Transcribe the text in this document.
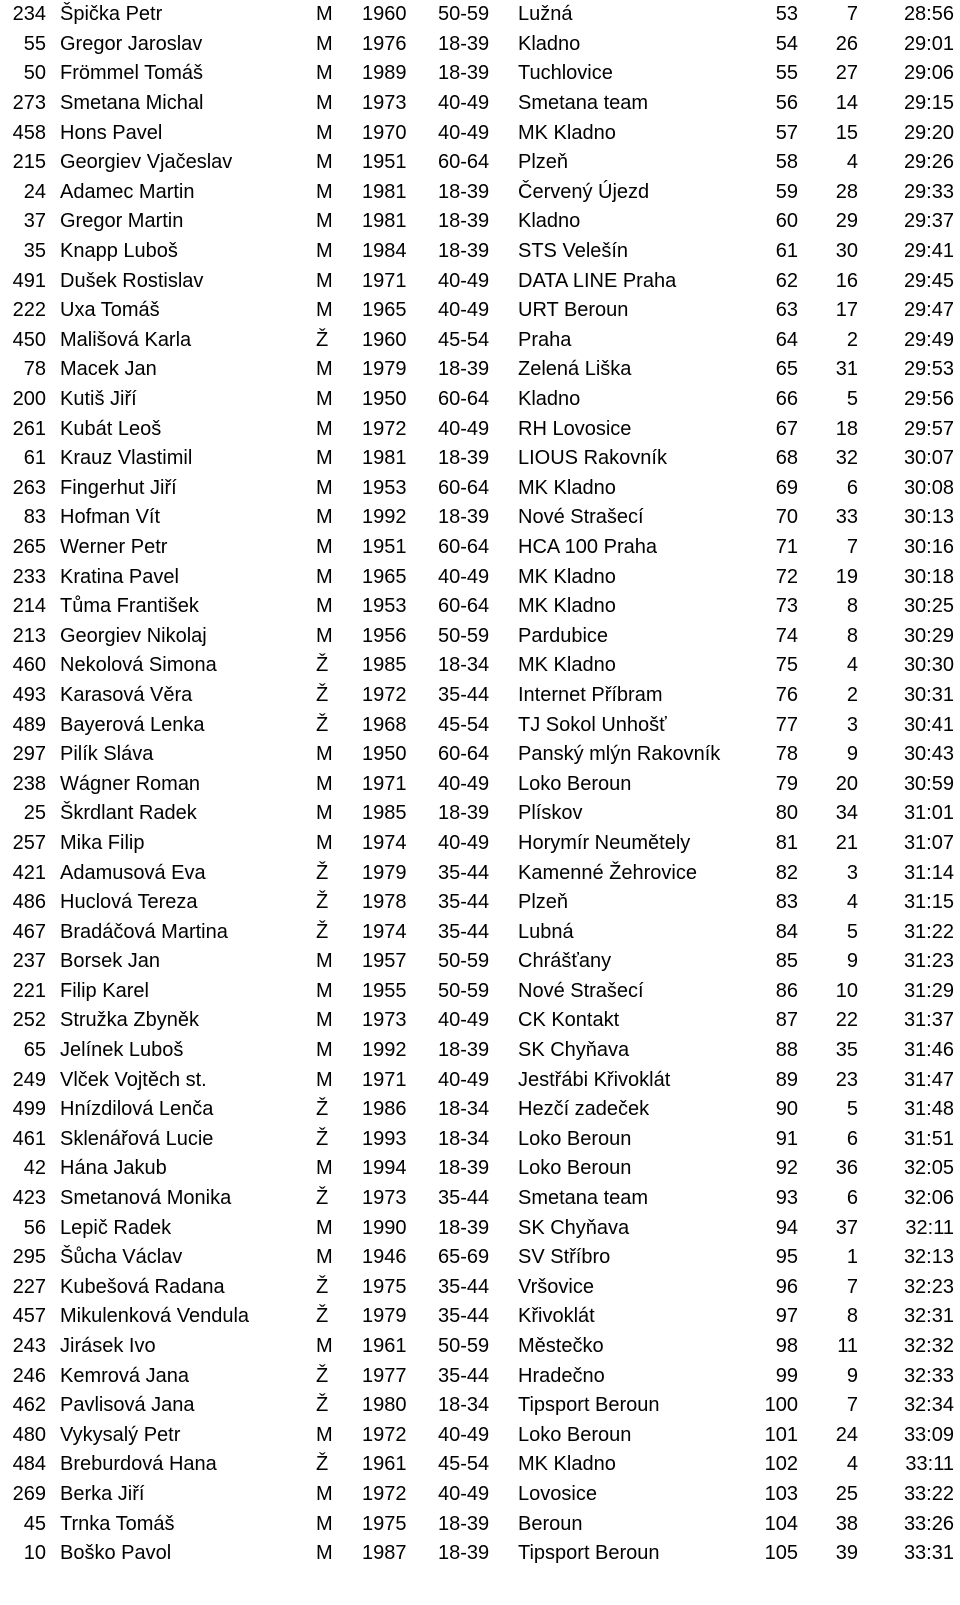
234	Špička Petr	M	1960	50-59	Lužná	53	7	28:56
55	Gregor Jaroslav	M	1976	18-39	Kladno	54	26	29:01
50	Frömmel Tomáš	M	1989	18-39	Tuchlovice	55	27	29:06
273	Smetana Michal	M	1973	40-49	Smetana team	56	14	29:15
458	Hons Pavel	M	1970	40-49	MK Kladno	57	15	29:20
215	Georgiev Vjačeslav	M	1951	60-64	Plzeň	58	4	29:26
24	Adamec Martin	M	1981	18-39	Červený Újezd	59	28	29:33
37	Gregor Martin	M	1981	18-39	Kladno	60	29	29:37
35	Knapp Luboš	M	1984	18-39	STS Velešín	61	30	29:41
491	Dušek Rostislav	M	1971	40-49	DATA LINE Praha	62	16	29:45
222	Uxa Tomáš	M	1965	40-49	URT Beroun	63	17	29:47
450	Mališová Karla	Ž	1960	45-54	Praha	64	2	29:49
78	Macek Jan	M	1979	18-39	Zelená Liška	65	31	29:53
200	Kutiš Jiří	M	1950	60-64	Kladno	66	5	29:56
261	Kubát Leoš	M	1972	40-49	RH Lovosice	67	18	29:57
61	Krauz Vlastimil	M	1981	18-39	LIOUS Rakovník	68	32	30:07
263	Fingerhut Jiří	M	1953	60-64	MK Kladno	69	6	30:08
83	Hofman Vít	M	1992	18-39	Nové Strašecí	70	33	30:13
265	Werner Petr	M	1951	60-64	HCA 100 Praha	71	7	30:16
233	Kratina Pavel	M	1965	40-49	MK Kladno	72	19	30:18
214	Tůma František	M	1953	60-64	MK Kladno	73	8	30:25
213	Georgiev Nikolaj	M	1956	50-59	Pardubice	74	8	30:29
460	Nekolová Simona	Ž	1985	18-34	MK Kladno	75	4	30:30
493	Karasová Věra	Ž	1972	35-44	Internet Příbram	76	2	30:31
489	Bayerová Lenka	Ž	1968	45-54	TJ Sokol Unhošť	77	3	30:41
297	Pilík Sláva	M	1950	60-64	Panský mlýn Rakovník	78	9	30:43
238	Wágner Roman	M	1971	40-49	Loko Beroun	79	20	30:59
25	Škrdlant Radek	M	1985	18-39	Plískov	80	34	31:01
257	Mika Filip	M	1974	40-49	Horymír Neumětely	81	21	31:07
421	Adamusová Eva	Ž	1979	35-44	Kamenné Žehrovice	82	3	31:14
486	Huclová Tereza	Ž	1978	35-44	Plzeň	83	4	31:15
467	Bradáčová Martina	Ž	1974	35-44	Lubná	84	5	31:22
237	Borsek Jan	M	1957	50-59	Chrášťany	85	9	31:23
221	Filip Karel	M	1955	50-59	Nové Strašecí	86	10	31:29
252	Stružka Zbyněk	M	1973	40-49	CK Kontakt	87	22	31:37
65	Jelínek Luboš	M	1992	18-39	SK Chyňava	88	35	31:46
249	Vlček Vojtěch st.	M	1971	40-49	Jestřábi Křivoklát	89	23	31:47
499	Hnízdilová Lenča	Ž	1986	18-34	Hezčí zadeček	90	5	31:48
461	Sklenářová Lucie	Ž	1993	18-34	Loko Beroun	91	6	31:51
42	Hána Jakub	M	1994	18-39	Loko Beroun	92	36	32:05
423	Smetanová Monika	Ž	1973	35-44	Smetana team	93	6	32:06
56	Lepič Radek	M	1990	18-39	SK Chyňava	94	37	32:11
295	Šůcha Václav	M	1946	65-69	SV Stříbro	95	1	32:13
227	Kubešová Radana	Ž	1975	35-44	Vršovice	96	7	32:23
457	Mikulenková Vendula	Ž	1979	35-44	Křivoklát	97	8	32:31
243	Jirásek Ivo	M	1961	50-59	Městečko	98	11	32:32
246	Kemrová Jana	Ž	1977	35-44	Hradečno	99	9	32:33
462	Pavlisová Jana	Ž	1980	18-34	Tipsport Beroun	100	7	32:34
480	Vykysalý Petr	M	1972	40-49	Loko Beroun	101	24	33:09
484	Breburdová Hana	Ž	1961	45-54	MK Kladno	102	4	33:11
269	Berka Jiří	M	1972	40-49	Lovosice	103	25	33:22
45	Trnka Tomáš	M	1975	18-39	Beroun	104	38	33:26
10	Boško Pavol	M	1987	18-39	Tipsport Beroun	105	39	33:31
